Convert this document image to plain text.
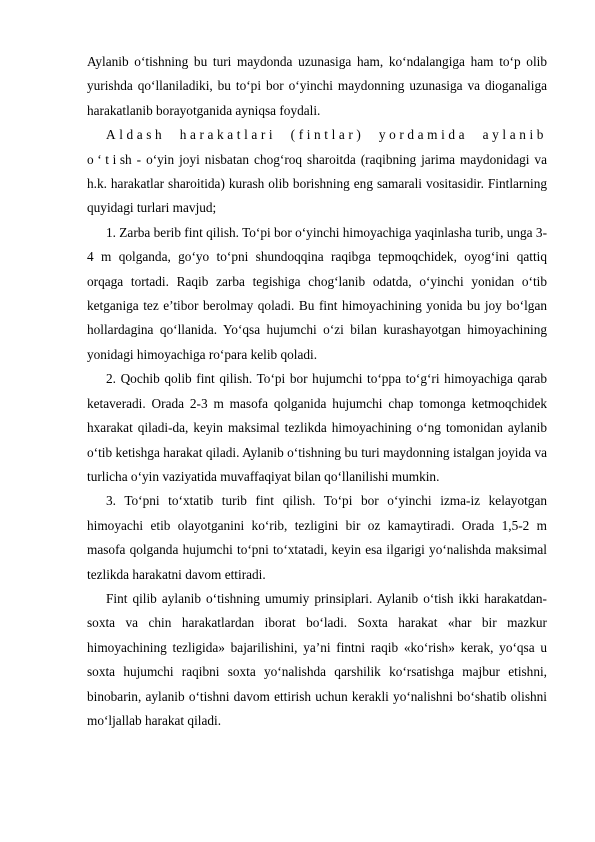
Aylanib o‘tishning bu turi maydonda uzunasiga ham, ko‘ndalangiga ham to‘p olib yurishda qo‘llaniladiki, bu to‘pi bor o‘yinchi maydonning uzunasiga va dioganaliga harakatlanib borayotganida ayniqsa foydali.

Aldash harakatlari (fintlar) yordamida aylanib o‘tish - o‘yin joyi nisbatan chog‘roq sharoitda (raqibning jarima maydonidagi va h.k. harakatlar sharoitida) kurash olib borishning eng samarali vositasidir. Fintlarning quyidagi turlari mavjud;

1. Zarba berib fint qilish. To‘pi bor o‘yinchi himoyachiga yaqinlasha turib, unga 3-4 m qolganda, go‘yo to‘pni shundoqqina raqibga tepmoqchidek, oyog‘ini qattiq orqaga tortadi. Raqib zarba tegishiga chog‘lanib odatda, o‘yinchi yonidan o‘tib ketganiga tez e’tibor berolmay qoladi. Bu fint himoyachining yonida bu joy bo‘lgan hollardagina qo‘llanida. Yo‘qsa hujumchi o‘zi bilan kurashayotgan himoyachining yonidagi himoyachiga ro‘para kelib qoladi.

2. Qochib qolib fint qilish. To‘pi bor hujumchi to‘ppa to‘g‘ri himoyachiga qarab ketaveradi. Orada 2-3 m masofa qolganida hujumchi chap tomonga ketmoqchidek hxarakat qiladi-da, keyin maksimal tezlikda himoyachining o‘ng tomonidan aylanib o‘tib ketishga harakat qiladi. Aylanib o‘tishning bu turi maydonning istalgan joyida va turlicha o‘yin vaziyatida muvaffaqiyat bilan qo‘llanilishi mumkin.

3. To‘pni to‘xtatib turib fint qilish. To‘pi bor o‘yinchi izma-iz kelayotgan himoyachi etib olayotganini ko‘rib, tezligini bir oz kamaytiradi. Orada 1,5-2 m masofa qolganda hujumchi to‘pni to‘xtatadi, keyin esa ilgarigi yo‘nalishda maksimal tezlikda harakatni davom ettiradi.

Fint qilib aylanib o‘tishning umumiy prinsiplari. Aylanib o‘tish ikki harakatdan-soxta va chin harakatlardan iborat bo‘ladi. Soxta harakat «har bir mazkur himoyachining tezligida» bajarilishini, ya’ni fintni raqib «ko‘rish» kerak, yo‘qsa u soxta hujumchi raqibni soxta yo‘nalishda qarshilik ko‘rsatishga majbur etishni, binobarin, aylanib o‘tishni davom ettirish uchun kerakli yo‘nalishni bo‘shatib olishni mo‘ljallab harakat qiladi.
